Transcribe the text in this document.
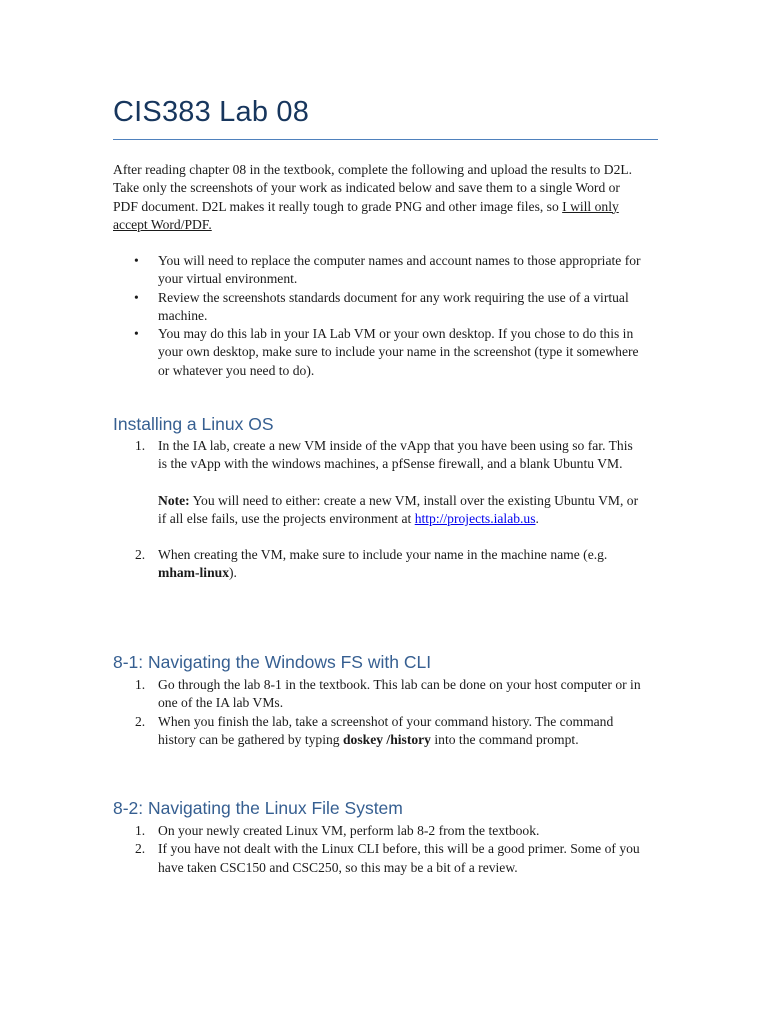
CIS383 Lab 08

After reading chapter 08 in the textbook, complete the following and upload the results to D2L. Take only the screenshots of your work as indicated below and save them to a single Word or PDF document. D2L makes it really tough to grade PNG and other image files, so I will only accept Word/PDF.

• You will need to replace the computer names and account names to those appropriate for your virtual environment.
• Review the screenshots standards document for any work requiring the use of a virtual machine.
• You may do this lab in your IA Lab VM or your own desktop. If you chose to do this in your own desktop, make sure to include your name in the screenshot (type it somewhere or whatever you need to do).
Installing a Linux OS
1. In the IA lab, create a new VM inside of the vApp that you have been using so far. This is the vApp with the windows machines, a pfSense firewall, and a blank Ubuntu VM.
Note: You will need to either: create a new VM, install over the existing Ubuntu VM, or if all else fails, use the projects environment at http://projects.ialab.us.
2. When creating the VM, make sure to include your name in the machine name (e.g. mham-linux).
8-1: Navigating the Windows FS with CLI
1. Go through the lab 8-1 in the textbook. This lab can be done on your host computer or in one of the IA lab VMs.
2. When you finish the lab, take a screenshot of your command history. The command history can be gathered by typing doskey /history into the command prompt.
8-2: Navigating the Linux File System
1. On your newly created Linux VM, perform lab 8-2 from the textbook.
2. If you have not dealt with the Linux CLI before, this will be a good primer. Some of you have taken CSC150 and CSC250, so this may be a bit of a review.
